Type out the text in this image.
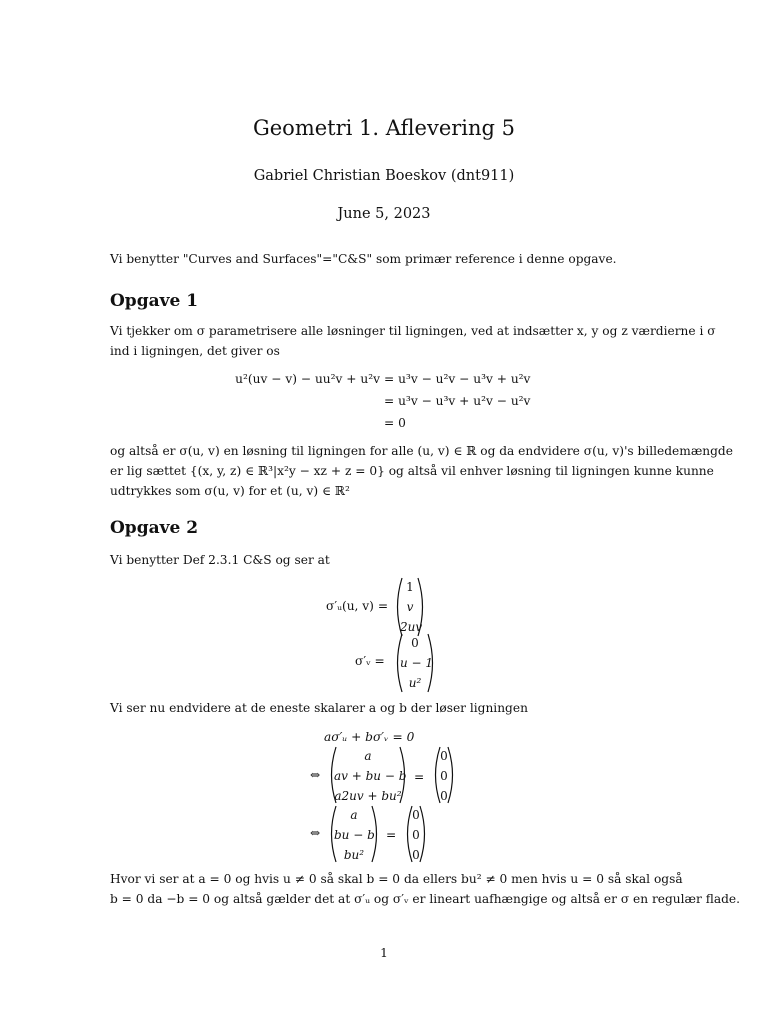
Geometri 1. Aflevering 5
Gabriel Christian Boeskov (dnt911)
June 5, 2023
Vi benytter "Curves and Surfaces"="C&S" som primær reference i denne opgave.
Opgave 1
Vi tjekker om σ parametrisere alle løsninger til ligningen, ved at indsætter x, y og z værdierne i σ
ind i ligningen, det giver os
u²(uv − v) − uu²v + u²v = u³v − u²v − u³v + u²v
= u³v − u³v + u²v − u²v
= 0
og altså er σ(u, v) en løsning til ligningen for alle (u, v) ∈ ℝ og da endvidere σ(u, v)'s billedemængde
er lig sættet {(x, y, z) ∈ ℝ³|x²y − xz + z = 0} og altså vil enhver løsning til ligningen kunne kunne
udtrykkes som σ(u, v) for et (u, v) ∈ ℝ²
Opgave 2
Vi benytter Def 2.3.1 C&S og ser at
σ′ᵤ(u, v) =
1
v
2uv
σ′ᵥ =
0
u − 1
u²
Vi ser nu endvidere at de eneste skalarer a og b der løser ligningen
aσ′ᵤ + bσ′ᵥ = 0
⇔
a
av + bu − b
a2uv + bu²
=
0
0
0
⇔
a
bu − b
bu²
=
0
0
0
Hvor vi ser at a = 0 og hvis u ≠ 0 så skal b = 0 da ellers bu² ≠ 0 men hvis u = 0 så skal også
b = 0 da −b = 0 og altså gælder det at σ′ᵤ og σ′ᵥ er lineart uafhængige og altså er σ en regulær flade.
1
